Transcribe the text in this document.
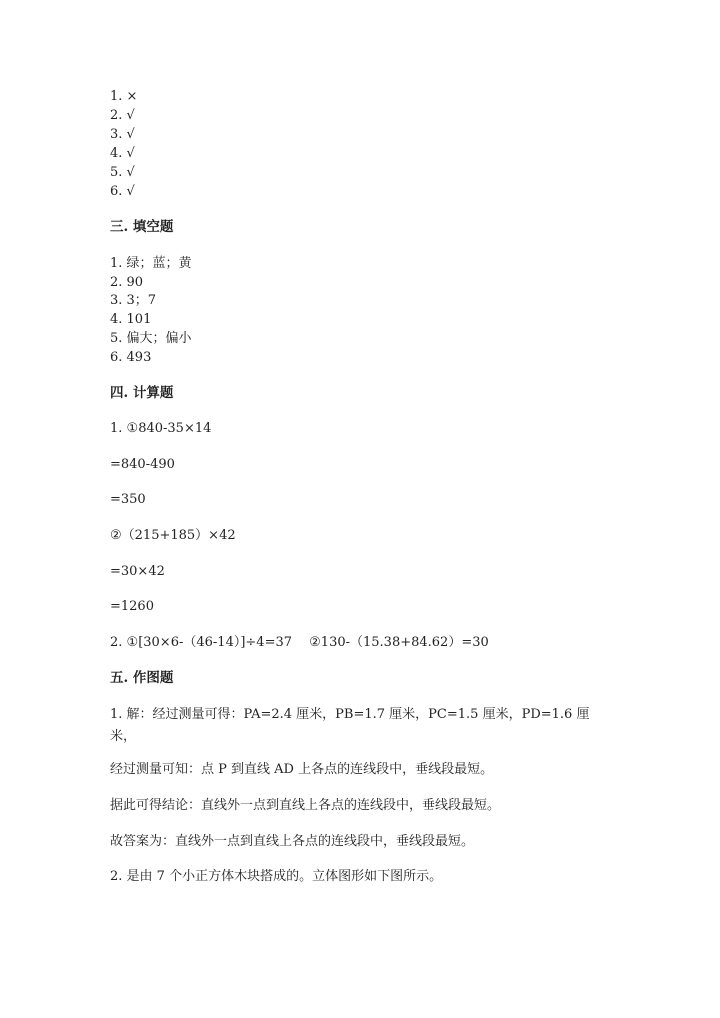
1. ×
2. √
3. √
4. √
5. √
6. √
三. 填空题
1. 绿；蓝；黄
2. 90
3. 3；7
4. 101
5. 偏大；偏小
6. 493
四. 计算题
1. ①840-35×14
=840-490
=350
②（215+185）×42
=30×42
=1260
2. ①[30×6-（46-14）]÷4=37　 ②130-（15.38+84.62）=30
五. 作图题
1. 解：经过测量可得：PA=2.4 厘米，PB=1.7 厘米，PC=1.5 厘米，PD=1.6 厘米，
经过测量可知：点 P 到直线 AD 上各点的连线段中，垂线段最短。
据此可得结论：直线外一点到直线上各点的连线段中，垂线段最短。
故答案为：直线外一点到直线上各点的连线段中，垂线段最短。
2. 是由 7 个小正方体木块搭成的。立体图形如下图所示。
